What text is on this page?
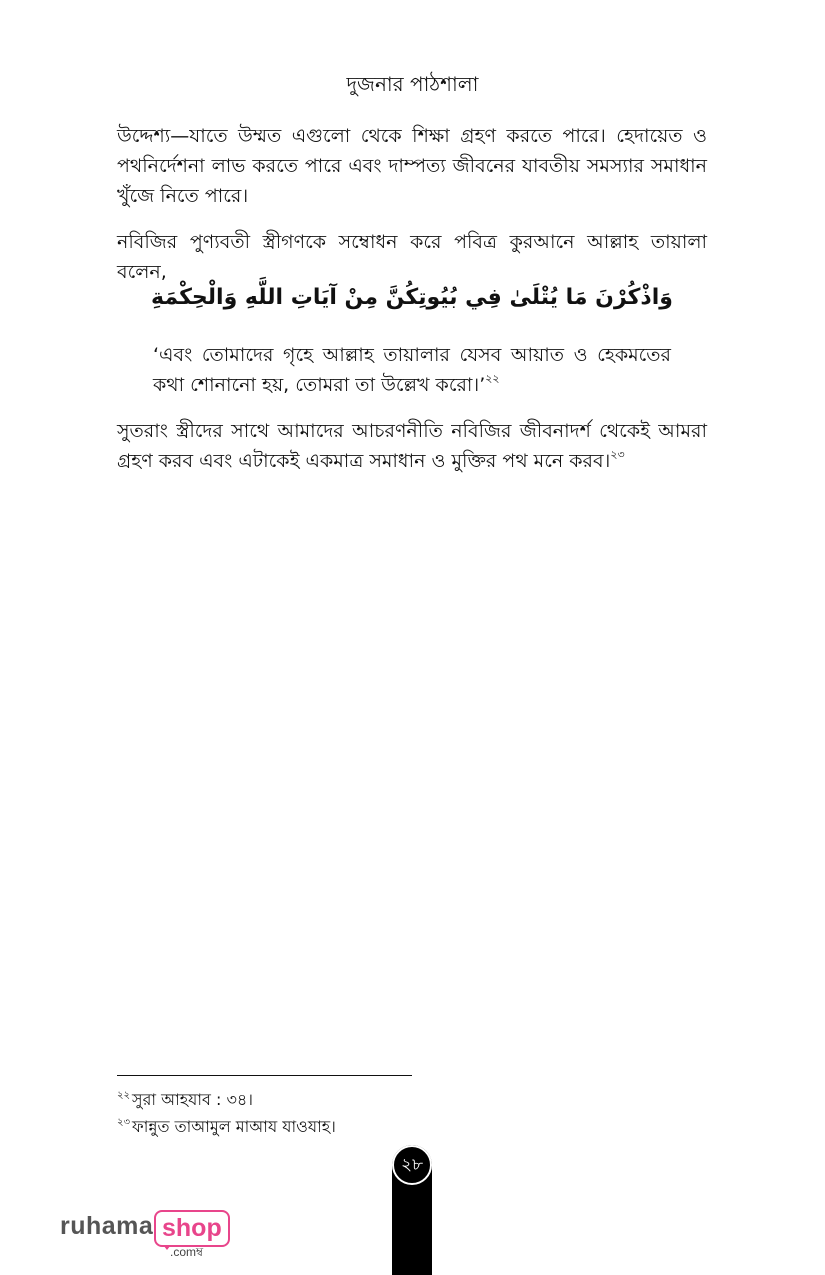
দুজনার পাঠশালা

উদ্দেশ্য—যাতে উম্মত এগুলো থেকে শিক্ষা গ্রহণ করতে পারে। হেদায়েত ও পথনির্দেশনা লাভ করতে পারে এবং দাম্পত্য জীবনের যাবতীয় সমস্যার সমাধান খুঁজে নিতে পারে।

নবিজির পুণ্যবতী স্ত্রীগণকে সম্বোধন করে পবিত্র কুরআনে আল্লাহ তায়ালা বলেন,

وَاذْكُرْنَ مَا يُتْلَىٰ فِي بُيُوتِكُنَّ مِنْ آيَاتِ اللَّهِ وَالْحِكْمَةِ

‘এবং তোমাদের গৃহে আল্লাহ তায়ালার যেসব আয়াত ও হেকমতের কথা শোনানো হয়, তোমরা তা উল্লেখ করো।’$^{২২}$

সুতরাং স্ত্রীদের সাথে আমাদের আচরণনীতি নবিজির জীবনাদর্শ থেকেই আমরা গ্রহণ করব এবং এটাকেই একমাত্র সমাধান ও মুক্তির পথ মনে করব।$^{২৩}$

$^{২২}$ সুরা আহযাব : ৩৪।
$^{২৩}$ ফান্নুত তাআমুল মাআয যাওযাহ।
২৮
ruhama shop
.comম্ব
